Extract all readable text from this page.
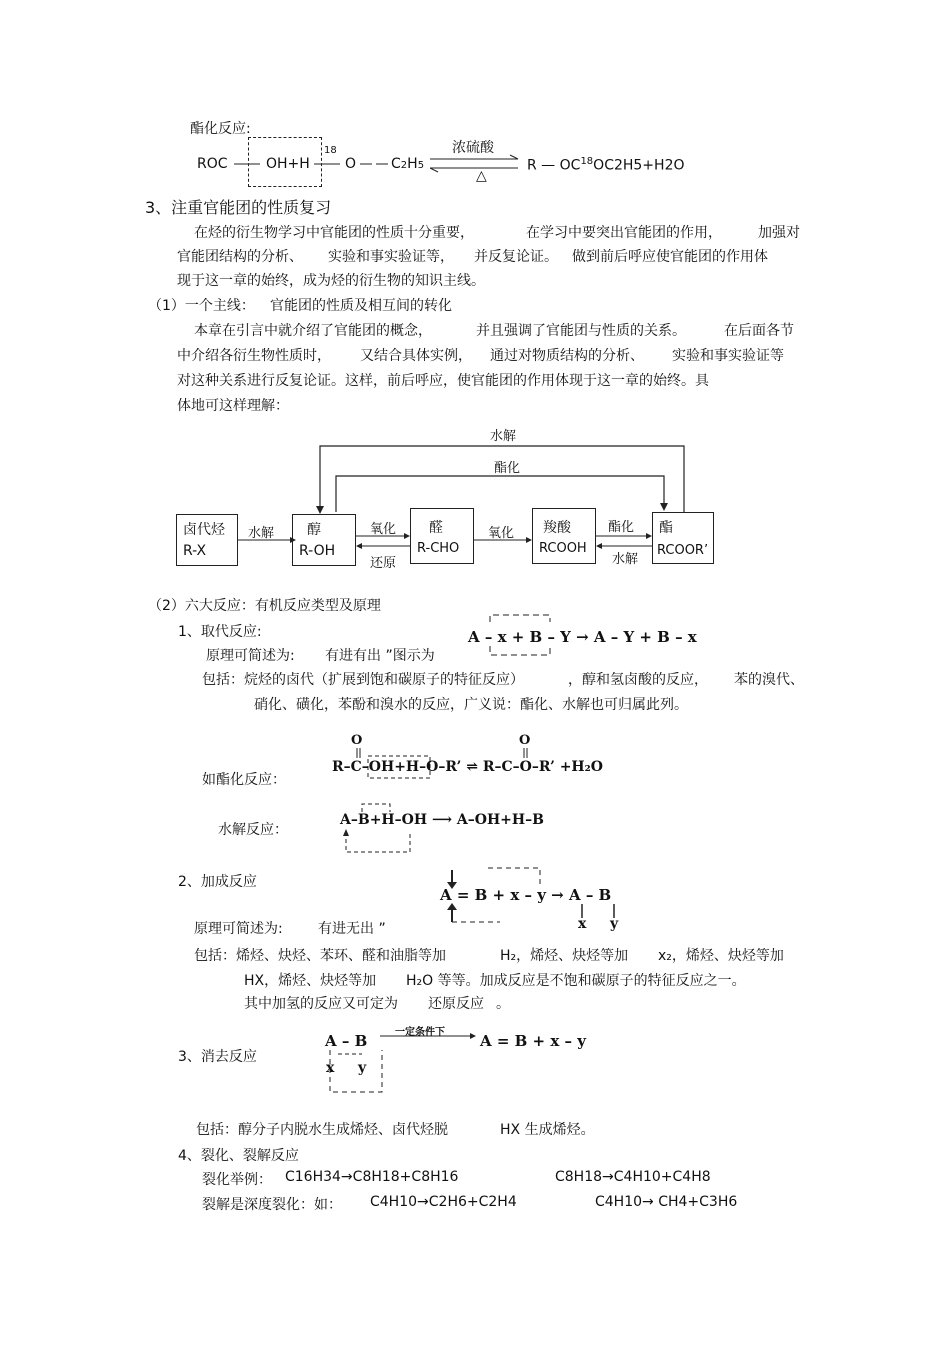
酯化反应:
ROC	OH+H
18
O C2H5
浓硫酸
△
R — $OC^{18}OC2H5+H2O$
3、注重官能团的性质复习
在烃的衍生物学习中官能团的性质十分重要，	在学习中要突出官能团的作用，	加强对
官能团结构的分析、 实验和事实验证等， 并反复论证。 做到前后呼应使官能团的作用体
现于这一章的始终，成为烃的衍生物的知识主线。
（1）一个主线： 官能团的性质及相互间的转化
本章在引言中就介绍了官能团的概念，	并且强调了官能团与性质的关系。	在后面各节
中介绍各衍生物性质时， 又结合具体实例， 通过对物质结构的分析、 实验和事实验证等
对这种关系进行反复论证。这样，前后呼应，使官能团的作用体现于这一章的始终。具
体地可这样理解：
水解
酯化
卤代烃
R-X
醇
R-OH
醛
R-CHO
羧酸
RCOOH
酯
RCOOR’
水解	氧化
还原
氧化	酯化
水解
（2）六大反应：有机反应类型及原理
1、取代反应:	A – x + B – Y → A – Y + B – x
原理可简述为: 有进有出 ”图示为
包括：烷烃的卤代（扩展到饱和碳原子的特征反应）	，醇和氢卤酸的反应， 苯的溴代、
硝化、磺化，苯酚和溴水的反应，广义说：酯化、水解也可归属此列。
O	O
R–C–OH+H–O–R’ ⇌ R–C–O–R’ +H₂O
如酯化反应：
A–B+H–OH ⟶ A–OH+H–B
水解反应：
2、加成反应
A = B + x – y → A – B
x y
原理可简述为:	有进无出 ”
包括：烯烃、炔烃、苯环、醛和油脂等加	H₂，烯烃、炔烃等加 x₂，烯烃、炔烃等加
HX，烯烃、炔烃等加 H₂O 等等。加成反应是不饱和碳原子的特征反应之一。
其中加氢的反应又可定为 还原反应 。
A – B	一定条件下 A = B + x – y
x y
3、消去反应
包括：醇分子内脱水生成烯烃、卤代烃脱	HX 生成烯烃。
4、裂化、裂解反应
裂化举例： C16H34→C8H18+C8H16	C8H18→C4H10+C4H8
裂解是深度裂化：如： C4H10→C2H6+C2H4	C4H10→ CH4+C3H6
